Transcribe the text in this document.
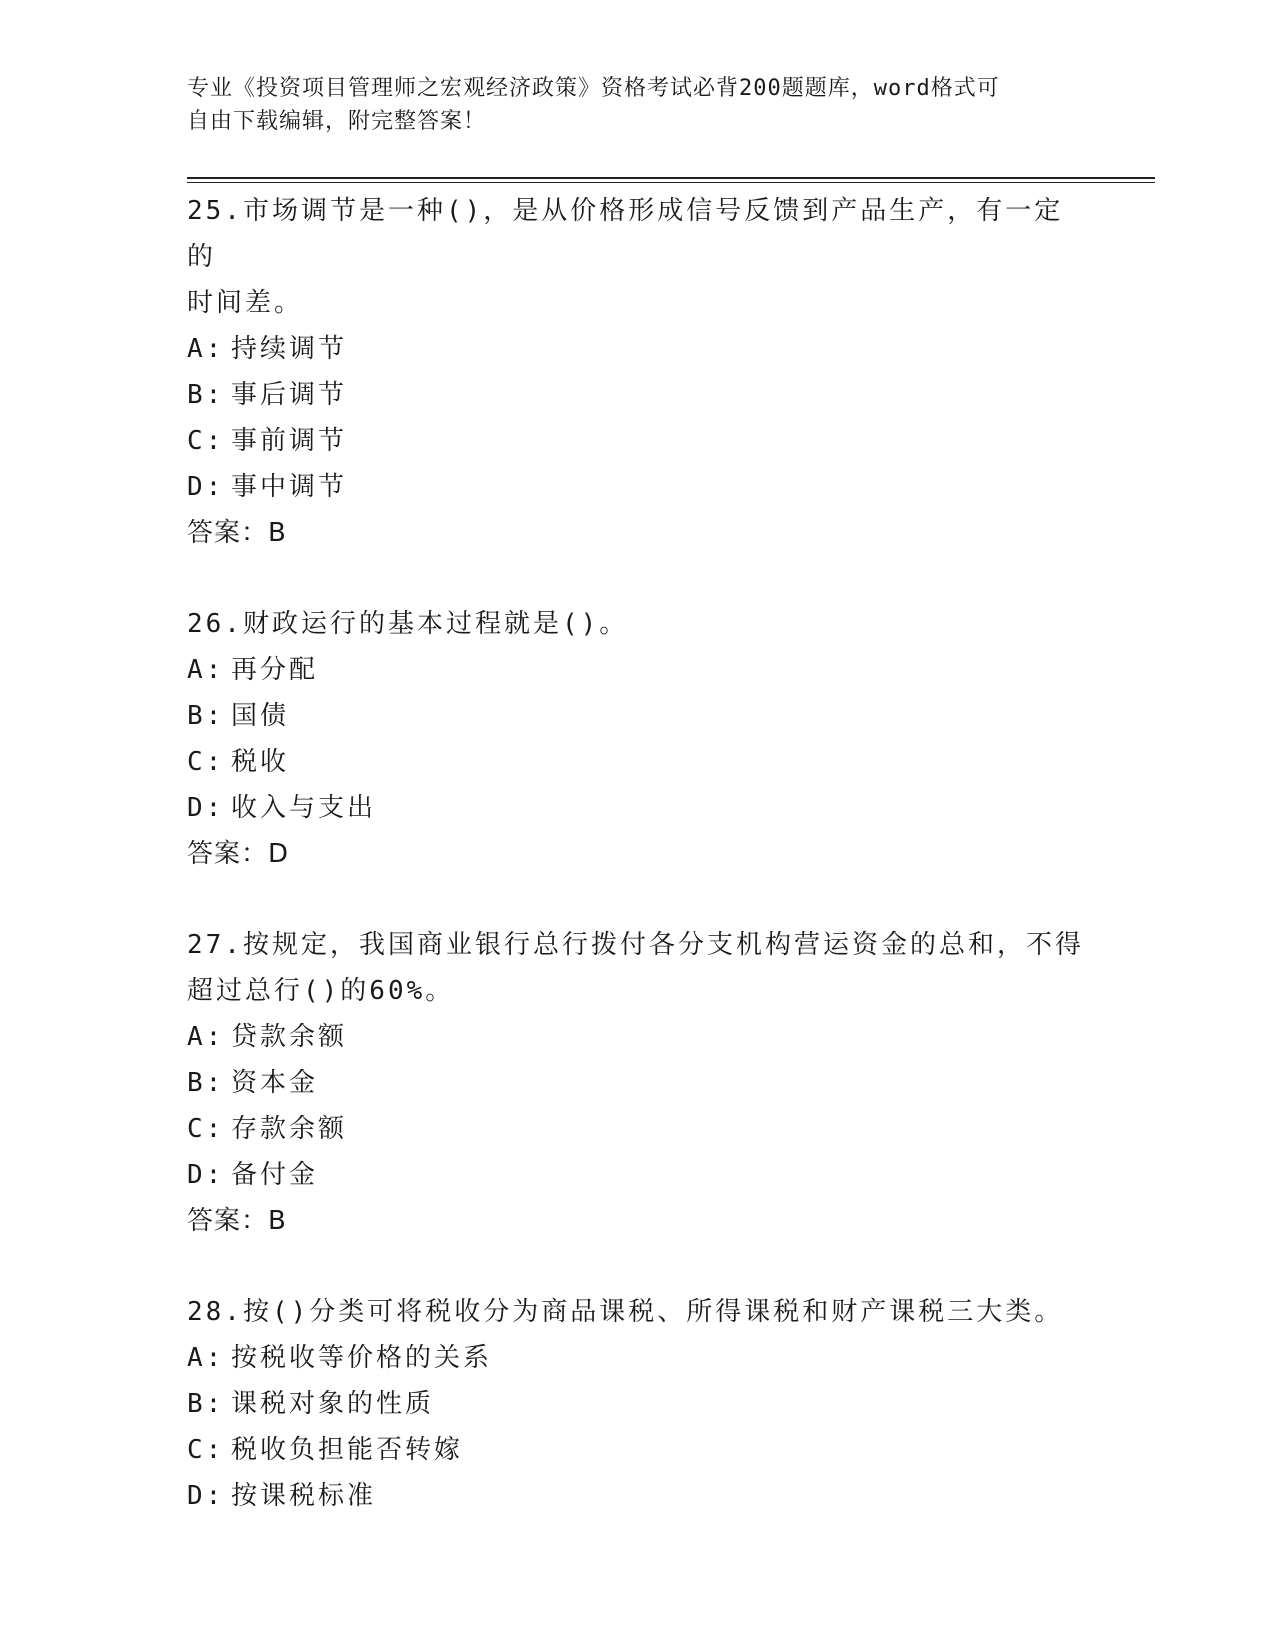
专业《投资项目管理师之宏观经济政策》资格考试必背200题题库，word格式可
自由下载编辑，附完整答案！
25.市场调节是一种()，是从价格形成信号反馈到产品生产，有一定的
时间差。
A: 持续调节
B: 事后调节
C: 事前调节
D: 事中调节
答案：B
26.财政运行的基本过程就是()。
A: 再分配
B: 国债
C: 税收
D: 收入与支出
答案：D
27.按规定，我国商业银行总行拨付各分支机构营运资金的总和，不得
超过总行()的60%。
A: 贷款余额
B: 资本金
C: 存款余额
D: 备付金
答案：B
28.按()分类可将税收分为商品课税、所得课税和财产课税三大类。
A: 按税收等价格的关系
B: 课税对象的性质
C: 税收负担能否转嫁
D: 按课税标准
